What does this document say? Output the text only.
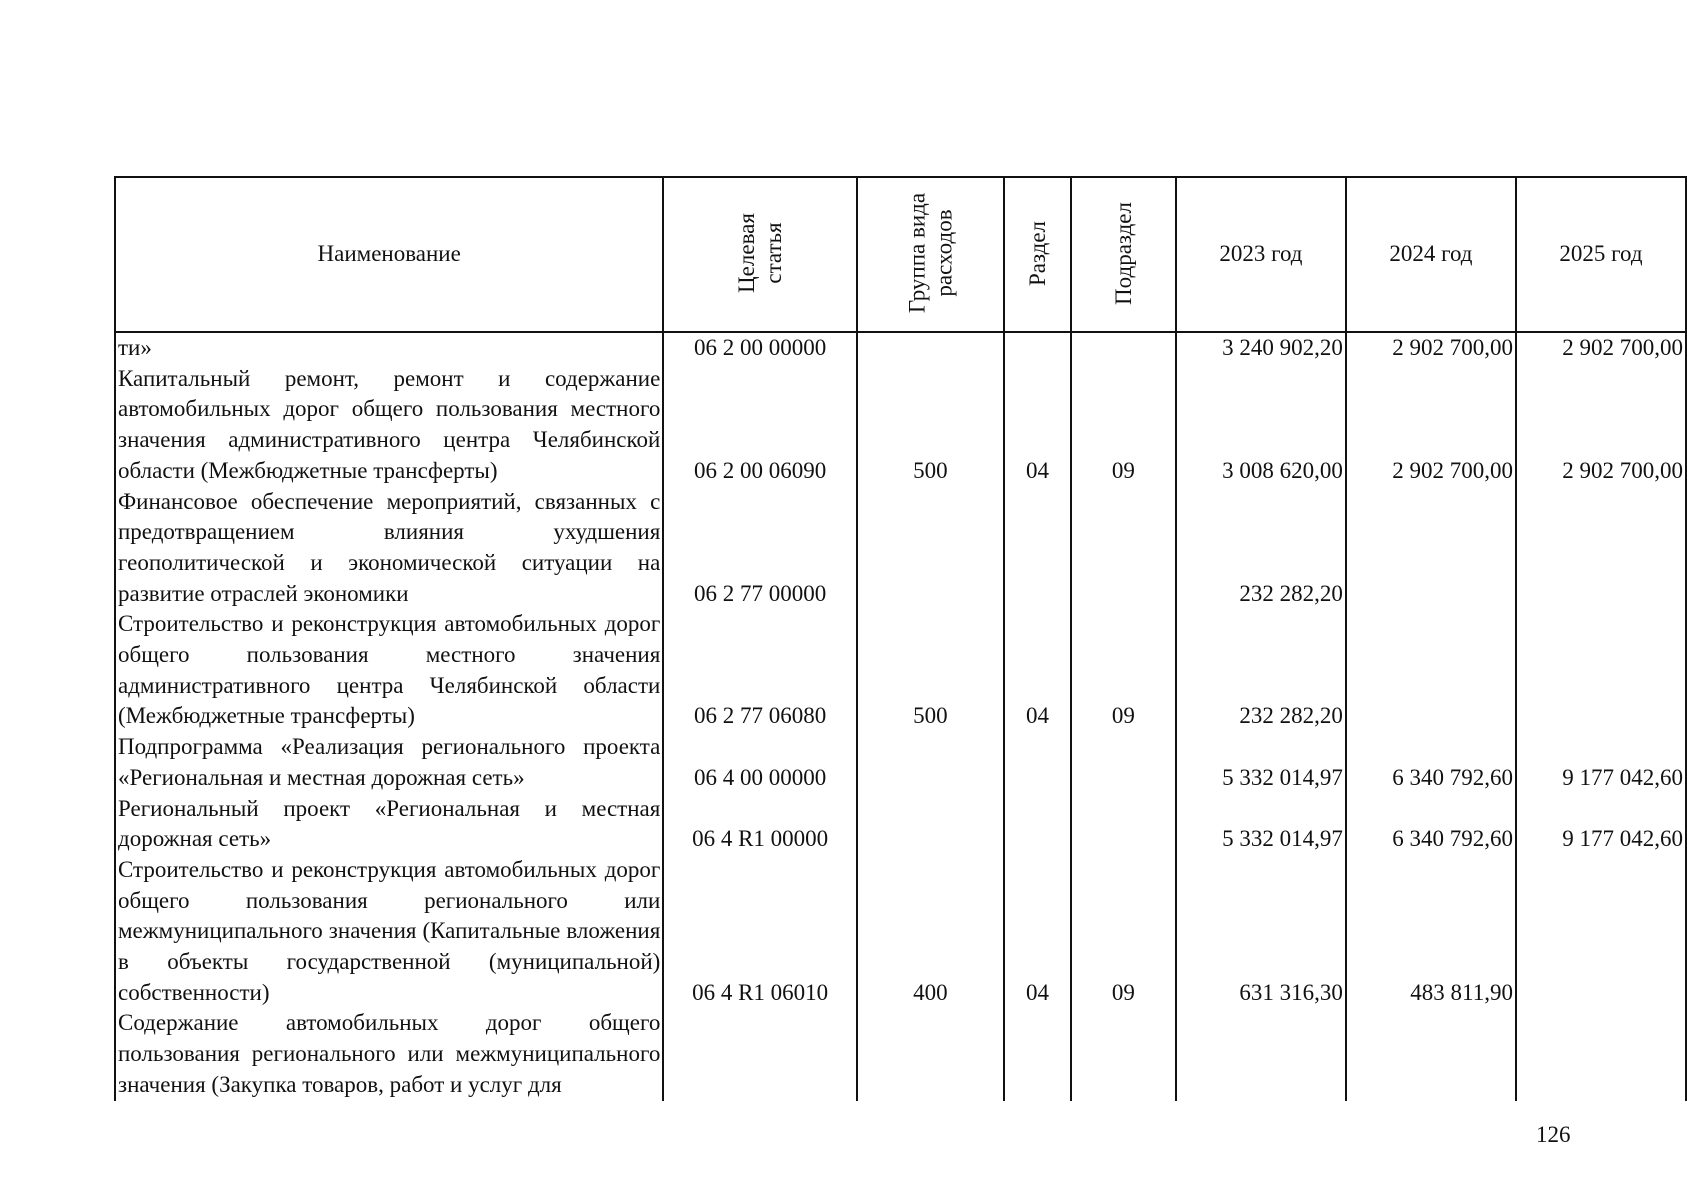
Наименование	Целевая статья	Группа вида расходов	Раздел	Подраздел	2023 год	2024 год	2025 год
ти»	06 2 00 00000				3 240 902,20	2 902 700,00	2 902 700,00
Капитальный ремонт, ремонт и содержание автомобильных дорог общего пользования местного значения административного центра Челябинской области (Межбюджетные трансферты)	06 2 00 06090	500	04	09	3 008 620,00	2 902 700,00	2 902 700,00
Финансовое обеспечение мероприятий, связанных с предотвращением влияния ухудшения геополитической и экономической ситуации на развитие отраслей экономики	06 2 77 00000				232 282,20		
Строительство и реконструкция автомобильных дорог общего пользования местного значения административного центра Челябинской области (Межбюджетные трансферты)	06 2 77 06080	500	04	09	232 282,20		
Подпрограмма «Реализация регионального проекта «Региональная и местная дорожная сеть»	06 4 00 00000				5 332 014,97	6 340 792,60	9 177 042,60
Региональный проект «Региональная и местная дорожная сеть»	06 4 R1 00000				5 332 014,97	6 340 792,60	9 177 042,60
Строительство и реконструкция автомобильных дорог общего пользования регионального или межмуниципального значения (Капитальные вложения в объекты государственной (муниципальной) собственности)	06 4 R1 06010	400	04	09	631 316,30	483 811,90	
Содержание автомобильных дорог общего пользования регионального или межмуниципального значения (Закупка товаров, работ и услуг для							
126
